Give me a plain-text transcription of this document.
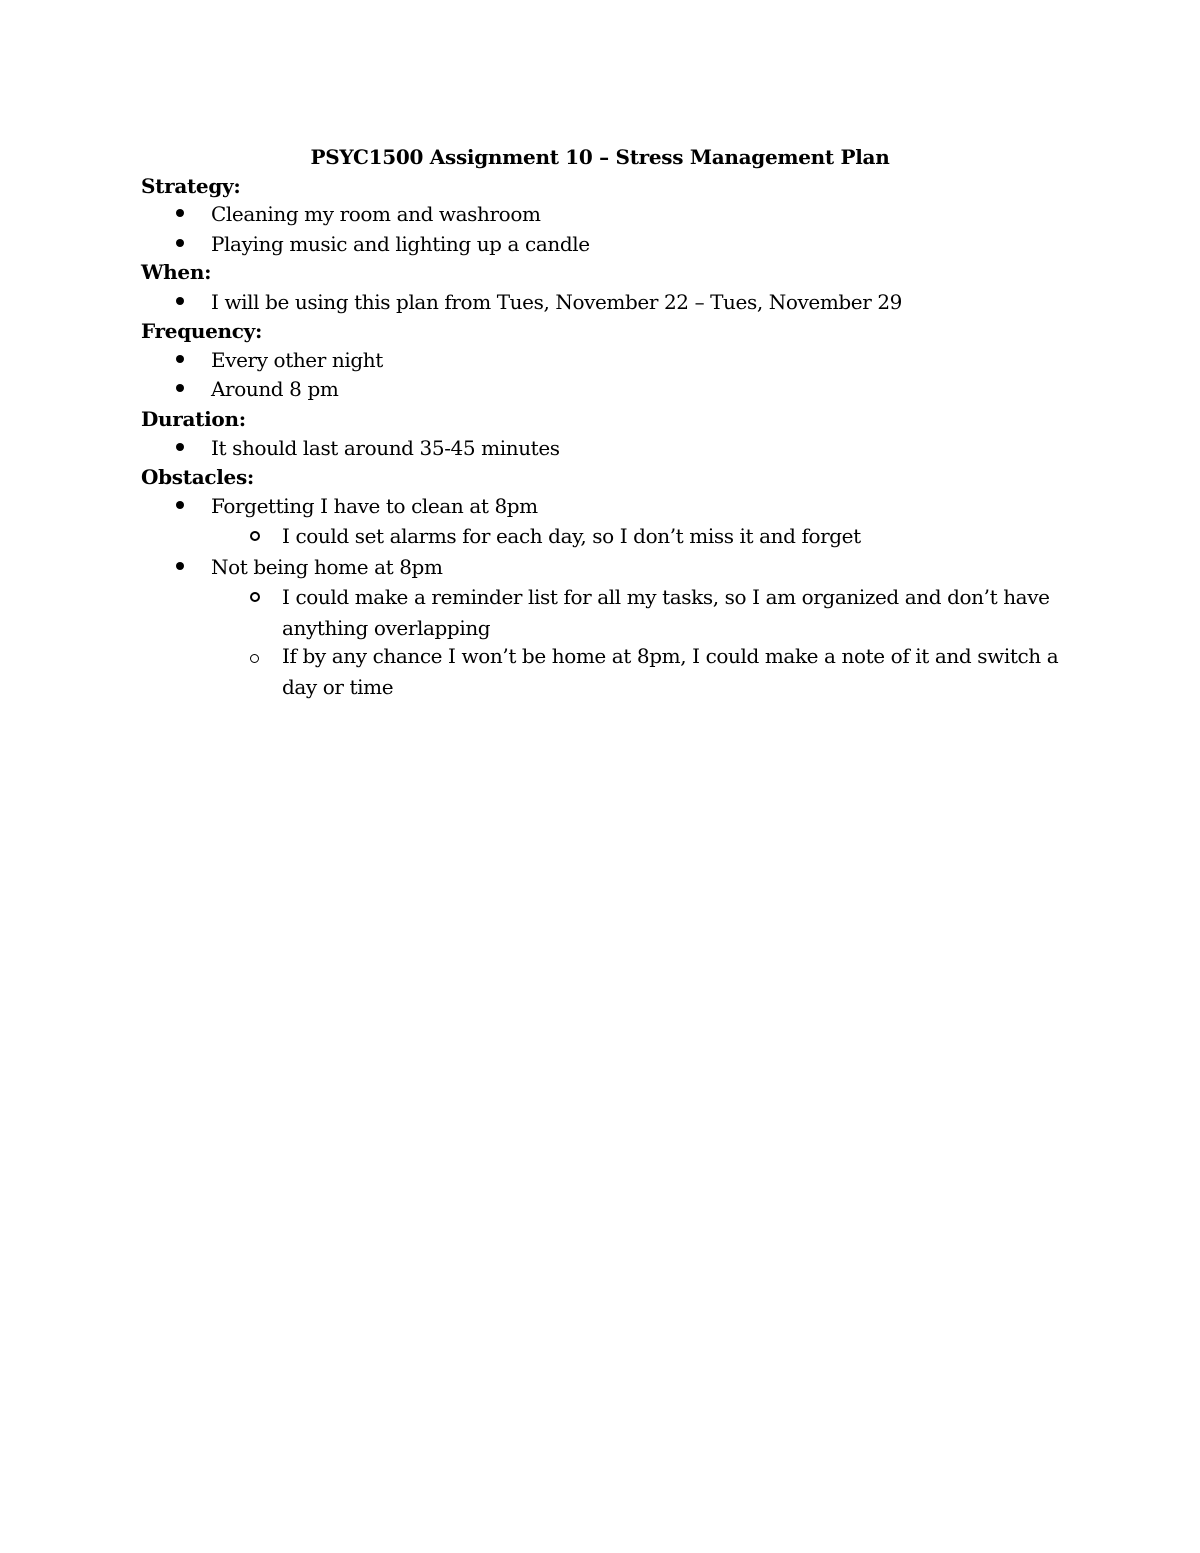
PSYC1500 Assignment 10 – Stress Management Plan
Strategy:
Cleaning my room and washroom
Playing music and lighting up a candle
When:
I will be using this plan from Tues, November 22 – Tues, November 29
Frequency:
Every other night
Around 8 pm
Duration:
It should last around 35-45 minutes
Obstacles:
Forgetting I have to clean at 8pm
I could set alarms for each day, so I don’t miss it and forget
Not being home at 8pm
I could make a reminder list for all my tasks, so I am organized and don’t have
anything overlapping
If by any chance I won’t be home at 8pm, I could make a note of it and switch a
day or time
